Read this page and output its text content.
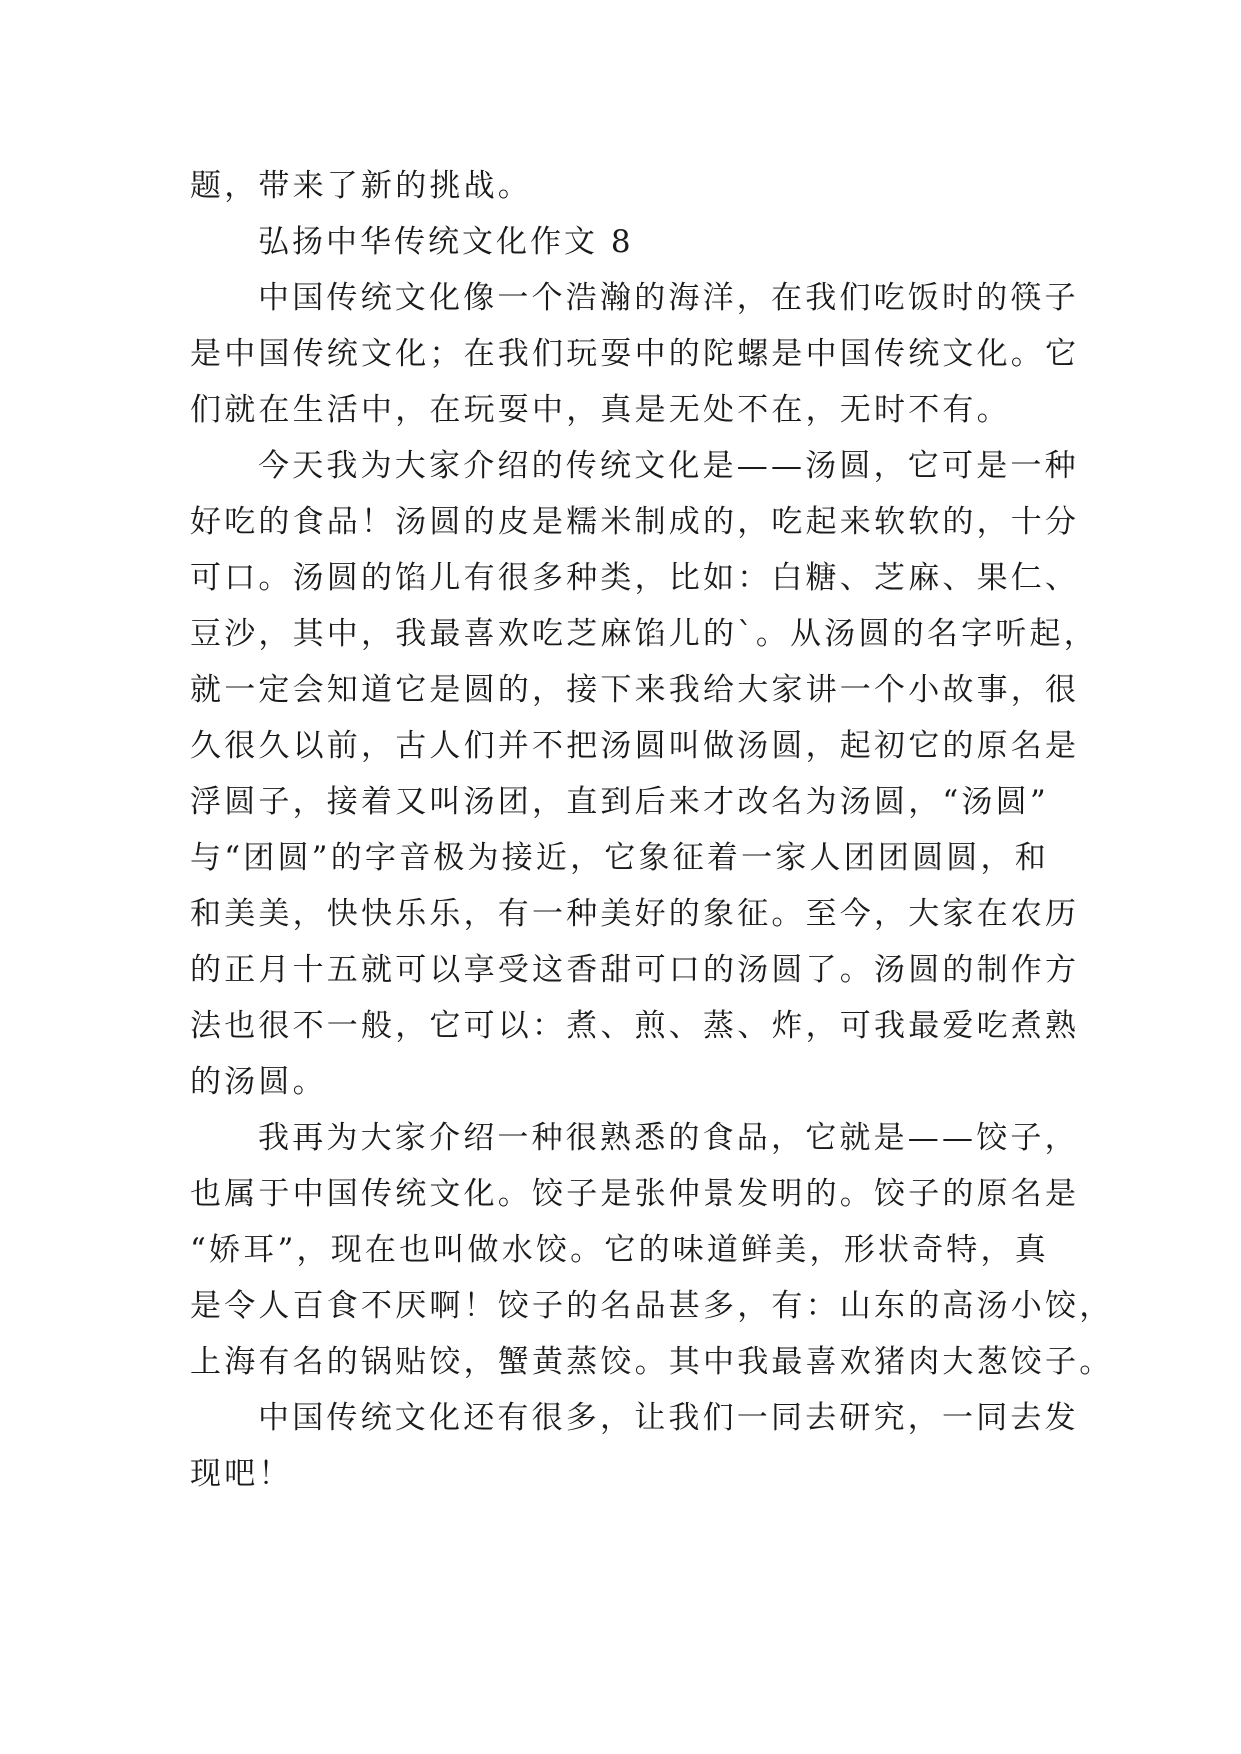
题，带来了新的挑战。
弘扬中华传统文化作文 8
中国传统文化像一个浩瀚的海洋，在我们吃饭时的筷子
是中国传统文化；在我们玩耍中的陀螺是中国传统文化。它
们就在生活中，在玩耍中，真是无处不在，无时不有。
今天我为大家介绍的传统文化是——汤圆，它可是一种
好吃的食品！汤圆的皮是糯米制成的，吃起来软软的，十分
可口。汤圆的馅儿有很多种类，比如：白糖、芝麻、果仁、
豆沙，其中，我最喜欢吃芝麻馅儿的`。从汤圆的名字听起，
就一定会知道它是圆的，接下来我给大家讲一个小故事，很
久很久以前，古人们并不把汤圆叫做汤圆，起初它的原名是
浮圆子，接着又叫汤团，直到后来才改名为汤圆，“汤圆”
与“团圆”的字音极为接近，它象征着一家人团团圆圆，和
和美美，快快乐乐，有一种美好的象征。至今，大家在农历
的正月十五就可以享受这香甜可口的汤圆了。汤圆的制作方
法也很不一般，它可以：煮、煎、蒸、炸，可我最爱吃煮熟
的汤圆。
我再为大家介绍一种很熟悉的食品，它就是——饺子，
也属于中国传统文化。饺子是张仲景发明的。饺子的原名是
“娇耳”，现在也叫做水饺。它的味道鲜美，形状奇特，真
是令人百食不厌啊！饺子的名品甚多，有：山东的高汤小饺，
上海有名的锅贴饺，蟹黄蒸饺。其中我最喜欢猪肉大葱饺子。
中国传统文化还有很多，让我们一同去研究，一同去发
现吧！
